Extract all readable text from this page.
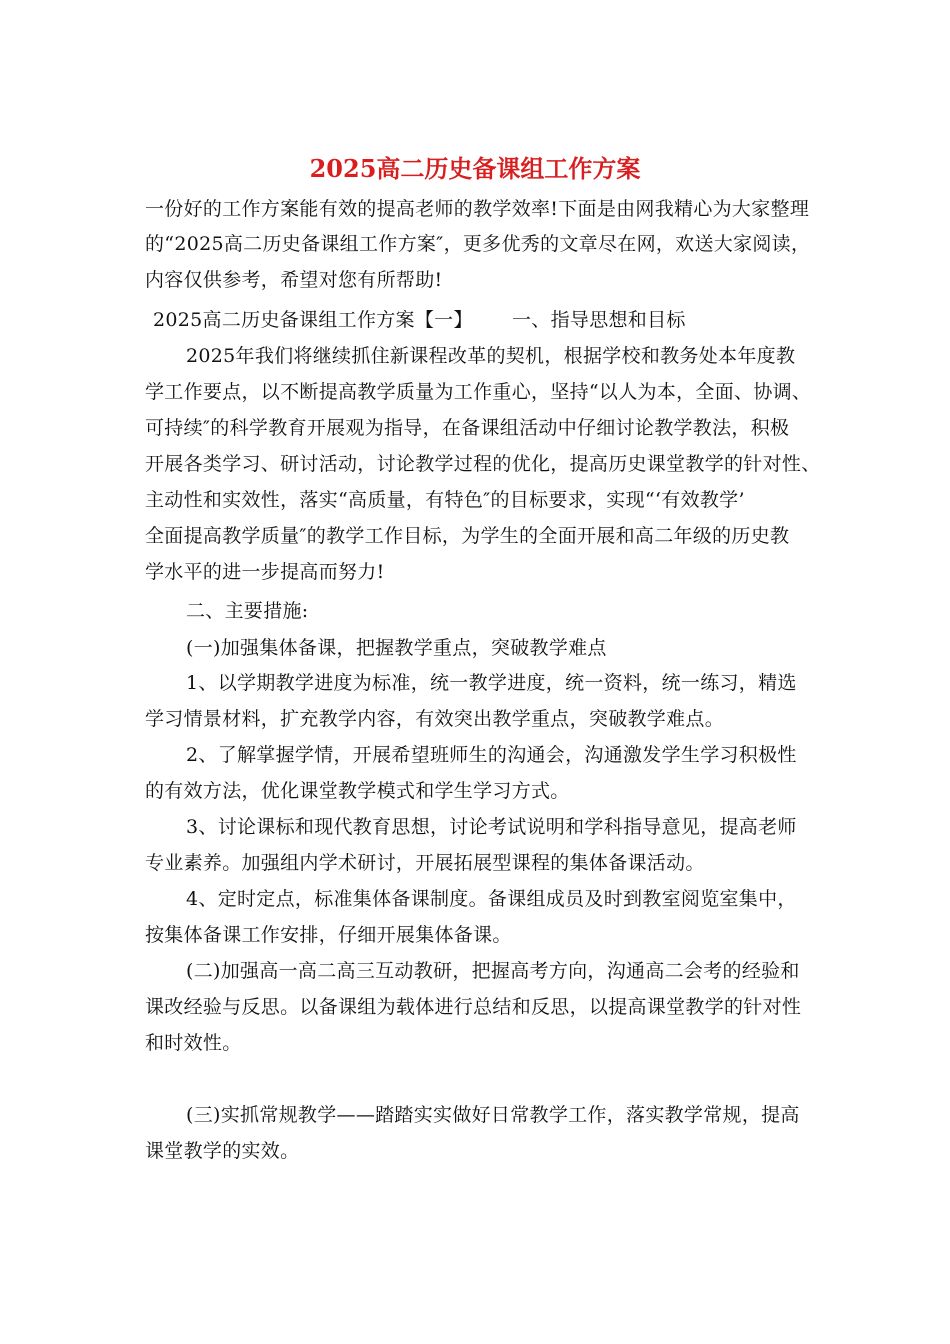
2025高二历史备课组工作方案
一份好的工作方案能有效的提高老师的教学效率!下面是由网我精心为大家整理
的“2025高二历史备课组工作方案″，更多优秀的文章尽在网，欢送大家阅读，
内容仅供参考，希望对您有所帮助!
2025高二历史备课组工作方案【一】 一、指导思想和目标
2025年我们将继续抓住新课程改革的契机，根据学校和教务处本年度教
学工作要点，以不断提高教学质量为工作重心，坚持“以人为本，全面、协调、
可持续″的科学教育开展观为指导，在备课组活动中仔细讨论教学教法，积极
开展各类学习、研讨活动，讨论教学过程的优化，提高历史课堂教学的针对性、
主动性和实效性，落实“高质量，有特色″的目标要求，实现“‘有效教学’
全面提高教学质量″的教学工作目标，为学生的全面开展和高二年级的历史教
学水平的进一步提高而努力!
二、主要措施:
(一)加强集体备课，把握教学重点，突破教学难点
1、以学期教学进度为标准，统一教学进度，统一资料，统一练习，精选
学习情景材料，扩充教学内容，有效突出教学重点，突破教学难点。
2、了解掌握学情，开展希望班师生的沟通会，沟通激发学生学习积极性
的有效方法，优化课堂教学模式和学生学习方式。
3、讨论课标和现代教育思想，讨论考试说明和学科指导意见，提高老师
专业素养。加强组内学术研讨，开展拓展型课程的集体备课活动。
4、定时定点，标准集体备课制度。备课组成员及时到教室阅览室集中，
按集体备课工作安排，仔细开展集体备课。
(二)加强高一高二高三互动教研，把握高考方向，沟通高二会考的经验和
课改经验与反思。以备课组为载体进行总结和反思，以提高课堂教学的针对性
和时效性。
(三)实抓常规教学——踏踏实实做好日常教学工作，落实教学常规，提高
课堂教学的实效。
